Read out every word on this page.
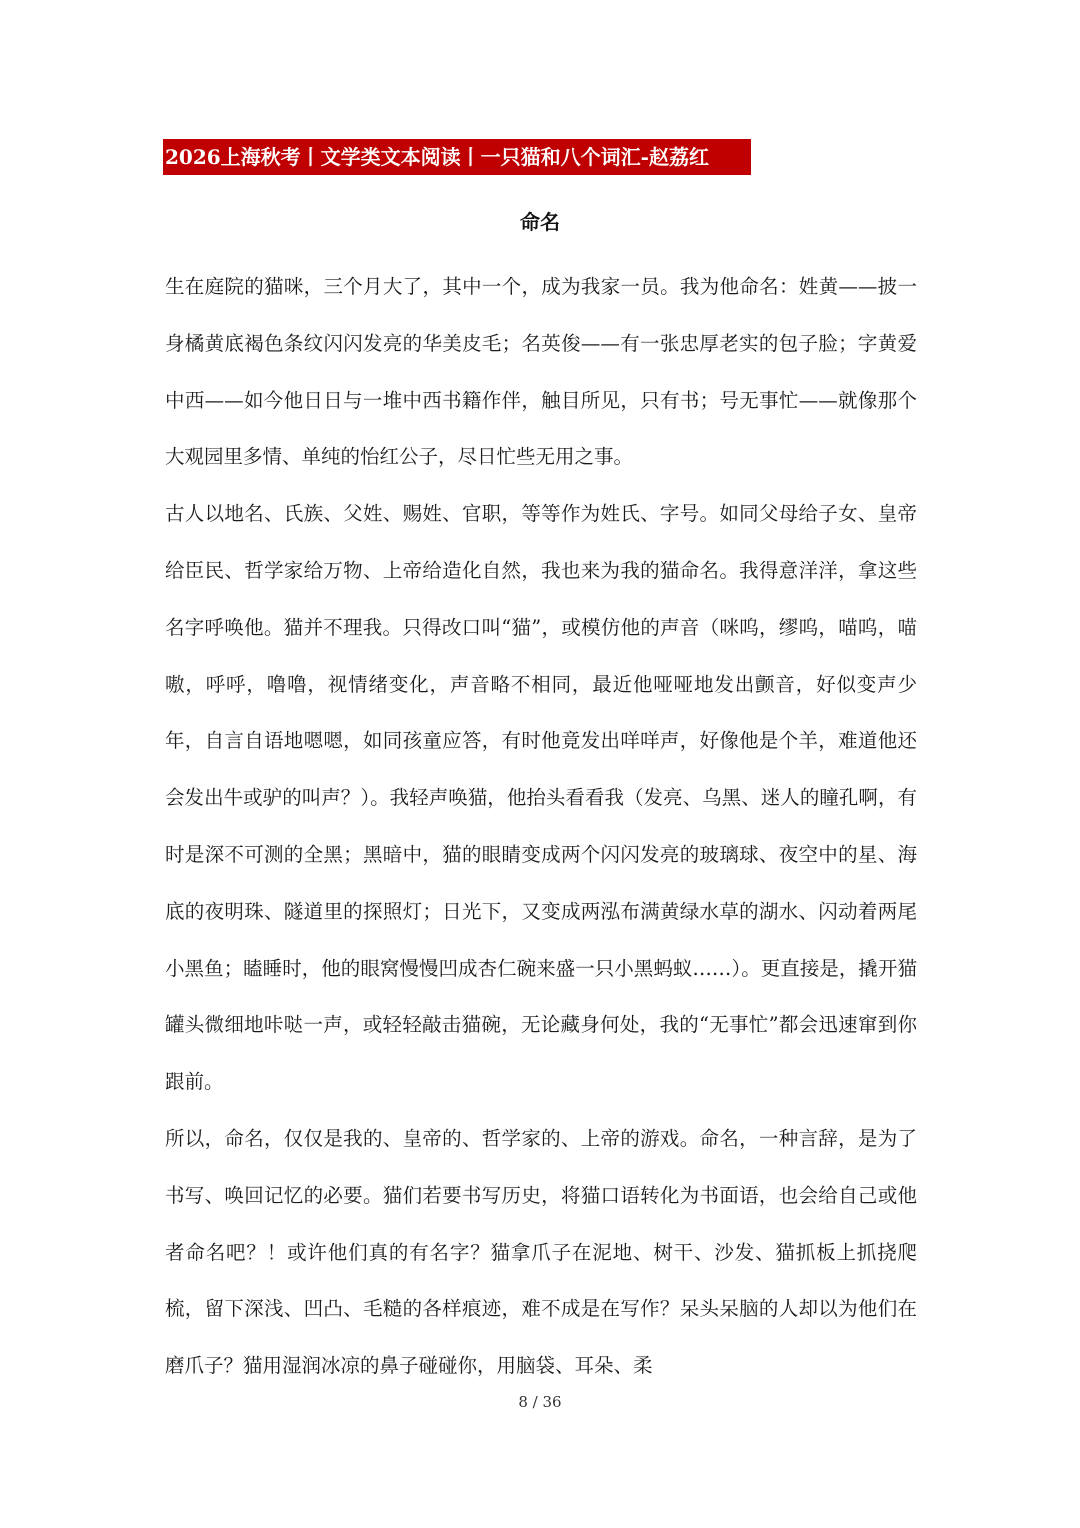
2026上海秋考丨文学类文本阅读丨一只猫和八个词汇-赵荔红
命名

生在庭院的猫咪，三个月大了，其中一个，成为我家一员。我为他命名：姓黄——披一身橘黄底褐色条纹闪闪发亮的华美皮毛；名英俊——有一张忠厚老实的包子脸；字黄爱中西——如今他日日与一堆中西书籍作伴，触目所见，只有书；号无事忙——就像那个大观园里多情、单纯的怡红公子，尽日忙些无用之事。

古人以地名、氏族、父姓、赐姓、官职，等等作为姓氏、字号。如同父母给子女、皇帝给臣民、哲学家给万物、上帝给造化自然，我也来为我的猫命名。我得意洋洋，拿这些名字呼唤他。猫并不理我。只得改口叫“猫”，或模仿他的声音（咪呜，缪呜，喵呜，喵嗷，呼呼，噜噜，视情绪变化，声音略不相同，最近他哑哑地发出颤音，好似变声少年，自言自语地嗯嗯，如同孩童应答，有时他竟发出咩咩声，好像他是个羊，难道他还会发出牛或驴的叫声？）。我轻声唤猫，他抬头看看我（发亮、乌黑、迷人的瞳孔啊，有时是深不可测的全黑；黑暗中，猫的眼睛变成两个闪闪发亮的玻璃球、夜空中的星、海底的夜明珠、隧道里的探照灯；日光下，又变成两泓布满黄绿水草的湖水、闪动着两尾小黑鱼；瞌睡时，他的眼窝慢慢凹成杏仁碗来盛一只小黑蚂蚁……）。更直接是，撬开猫罐头微细地咔哒一声，或轻轻敲击猫碗，无论藏身何处，我的“无事忙”都会迅速窜到你跟前。

所以，命名，仅仅是我的、皇帝的、哲学家的、上帝的游戏。命名，一种言辞，是为了书写、唤回记忆的必要。猫们若要书写历史，将猫口语转化为书面语，也会给自己或他者命名吧？！或许他们真的有名字？猫拿爪子在泥地、树干、沙发、猫抓板上抓挠爬梳，留下深浅、凹凸、毛糙的各样痕迹，难不成是在写作？呆头呆脑的人却以为他们在磨爪子？猫用湿润冰凉的鼻子碰碰你，用脑袋、耳朵、柔

8 / 36
